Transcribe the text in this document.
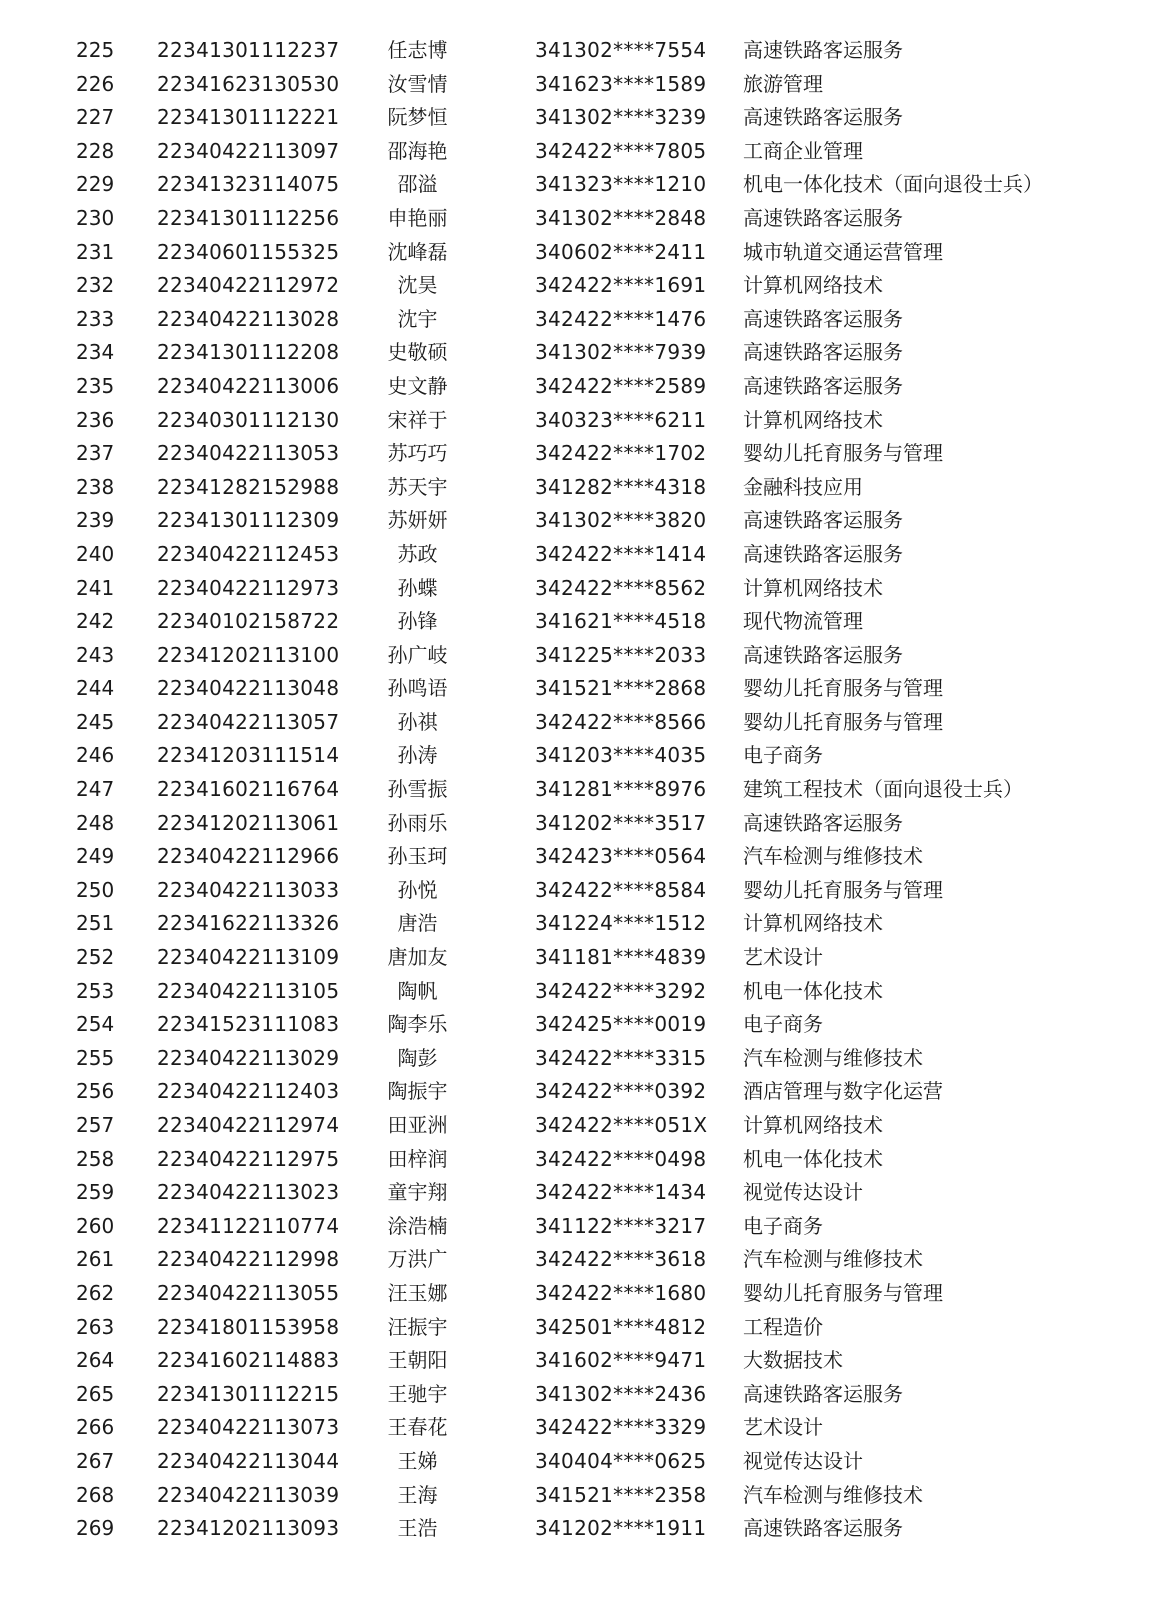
225 22341301112237	任志博	341302****7554 高速铁路客运服务
226 22341623130530	汝雪情	341623****1589 旅游管理
227 22341301112221	阮梦恒	341302****3239 高速铁路客运服务
228 22340422113097	邵海艳	342422****7805 工商企业管理
229 22341323114075	邵溢	341323****1210 机电一体化技术（面向退役士兵）
230 22341301112256	申艳丽	341302****2848 高速铁路客运服务
231 22340601155325	沈峰磊	340602****2411 城市轨道交通运营管理
232 22340422112972	沈昊	342422****1691 计算机网络技术
233 22340422113028	沈宇	342422****1476 高速铁路客运服务
234 22341301112208	史敬硕	341302****7939 高速铁路客运服务
235 22340422113006	史文静	342422****2589 高速铁路客运服务
236 22340301112130	宋祥于	340323****6211 计算机网络技术
237 22340422113053	苏巧巧	342422****1702 婴幼儿托育服务与管理
238 22341282152988	苏天宇	341282****4318 金融科技应用
239 22341301112309	苏妍妍	341302****3820 高速铁路客运服务
240 22340422112453	苏政	342422****1414 高速铁路客运服务
241 22340422112973	孙蝶	342422****8562 计算机网络技术
242 22340102158722	孙锋	341621****4518 现代物流管理
243 22341202113100	孙广岐	341225****2033 高速铁路客运服务
244 22340422113048	孙鸣语	341521****2868 婴幼儿托育服务与管理
245 22340422113057	孙祺	342422****8566 婴幼儿托育服务与管理
246 22341203111514	孙涛	341203****4035 电子商务
247 22341602116764	孙雪振	341281****8976 建筑工程技术（面向退役士兵）
248 22341202113061	孙雨乐	341202****3517 高速铁路客运服务
249 22340422112966	孙玉珂	342423****0564 汽车检测与维修技术
250 22340422113033	孙悦	342422****8584 婴幼儿托育服务与管理
251 22341622113326	唐浩	341224****1512 计算机网络技术
252 22340422113109	唐加友	341181****4839 艺术设计
253 22340422113105	陶帆	342422****3292 机电一体化技术
254 22341523111083	陶李乐	342425****0019 电子商务
255 22340422113029	陶彭	342422****3315 汽车检测与维修技术
256 22340422112403	陶振宇	342422****0392 酒店管理与数字化运营
257 22340422112974	田亚洲	342422****051X 计算机网络技术
258 22340422112975	田梓润	342422****0498 机电一体化技术
259 22340422113023	童宇翔	342422****1434 视觉传达设计
260 22341122110774	涂浩楠	341122****3217 电子商务
261 22340422112998	万洪广	342422****3618 汽车检测与维修技术
262 22340422113055	汪玉娜	342422****1680 婴幼儿托育服务与管理
263 22341801153958	汪振宇	342501****4812 工程造价
264 22341602114883	王朝阳	341602****9471 大数据技术
265 22341301112215	王驰宇	341302****2436 高速铁路客运服务
266 22340422113073	王春花	342422****3329 艺术设计
267 22340422113044	王娣	340404****0625 视觉传达设计
268 22340422113039	王海	341521****2358 汽车检测与维修技术
269 22341202113093	王浩	341202****1911 高速铁路客运服务
